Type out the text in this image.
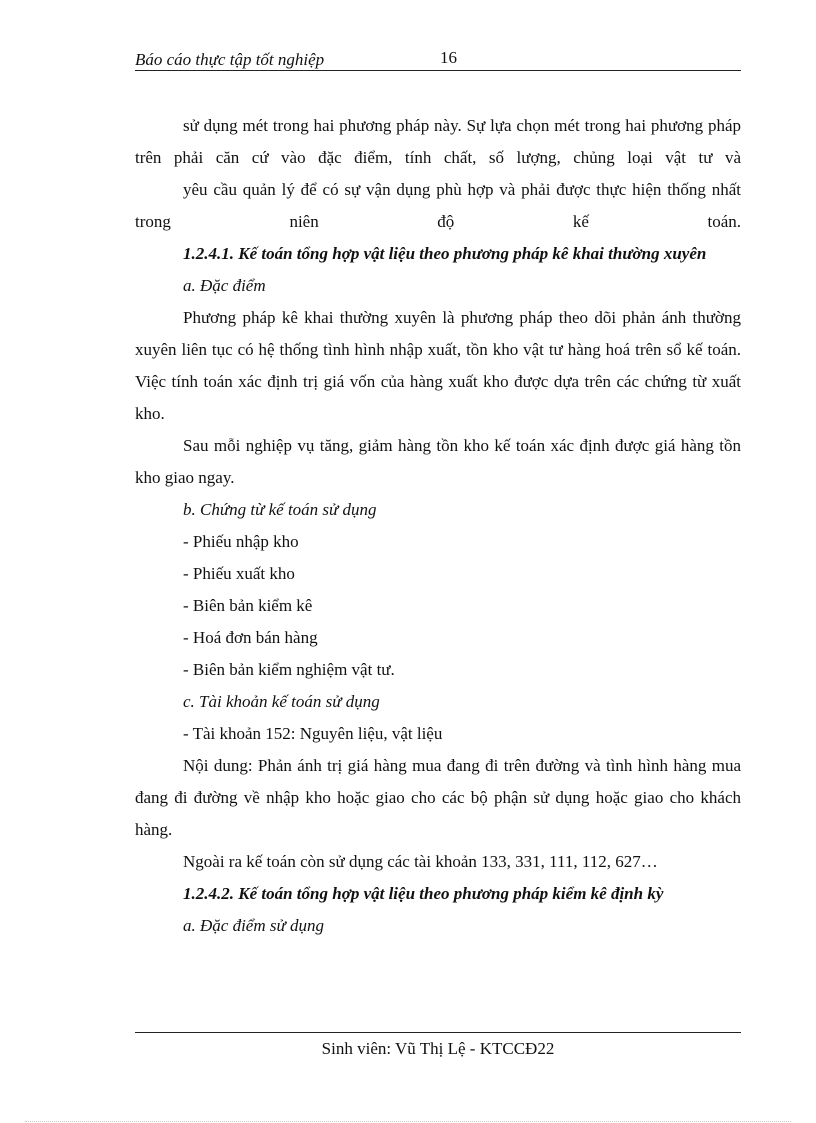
Báo cáo thực tập tốt nghiệp	16

sử dụng mét trong hai phương pháp này. Sự lựa chọn mét trong hai phương pháp trên phải căn cứ vào đặc điểm, tính chất, số lượng, chủng loại vật tư và

yêu cầu quản lý để có sự vận dụng phù hợp và phải được thực hiện thống nhất trong niên độ kế toán.

1.2.4.1. Kế toán tổng hợp vật liệu theo phương pháp kê khai thường xuyên

a. Đặc điểm

Phương pháp kê khai thường xuyên là phương pháp theo dõi phản ánh thường xuyên liên tục có hệ thống tình hình nhập xuất, tồn kho vật tư hàng hoá trên sổ kế toán. Việc tính toán xác định trị giá vốn của hàng xuất kho được dựa trên các chứng từ xuất kho.

Sau mỗi nghiệp vụ tăng, giảm hàng tồn kho kế toán xác định được giá hàng tồn kho giao ngay.

b. Chứng từ kế toán sử dụng

- Phiếu nhập kho

- Phiếu xuất kho

- Biên bản kiểm kê

- Hoá đơn bán hàng

- Biên bản kiểm nghiệm vật tư.

c. Tài khoản kế toán sử dụng

- Tài khoản 152: Nguyên liệu, vật liệu

Nội dung: Phản ánh trị giá hàng mua đang đi trên đường và tình hình hàng mua đang đi đường về nhập kho hoặc giao cho các bộ phận sử dụng hoặc giao cho khách hàng.

Ngoài ra kế toán còn sử dụng các tài khoản 133, 331, 111, 112, 627…

1.2.4.2. Kế toán tổng hợp vật liệu theo phương pháp kiểm kê định kỳ

a. Đặc điểm sử dụng

Sinh viên: Vũ Thị Lệ - KTCCĐ22
